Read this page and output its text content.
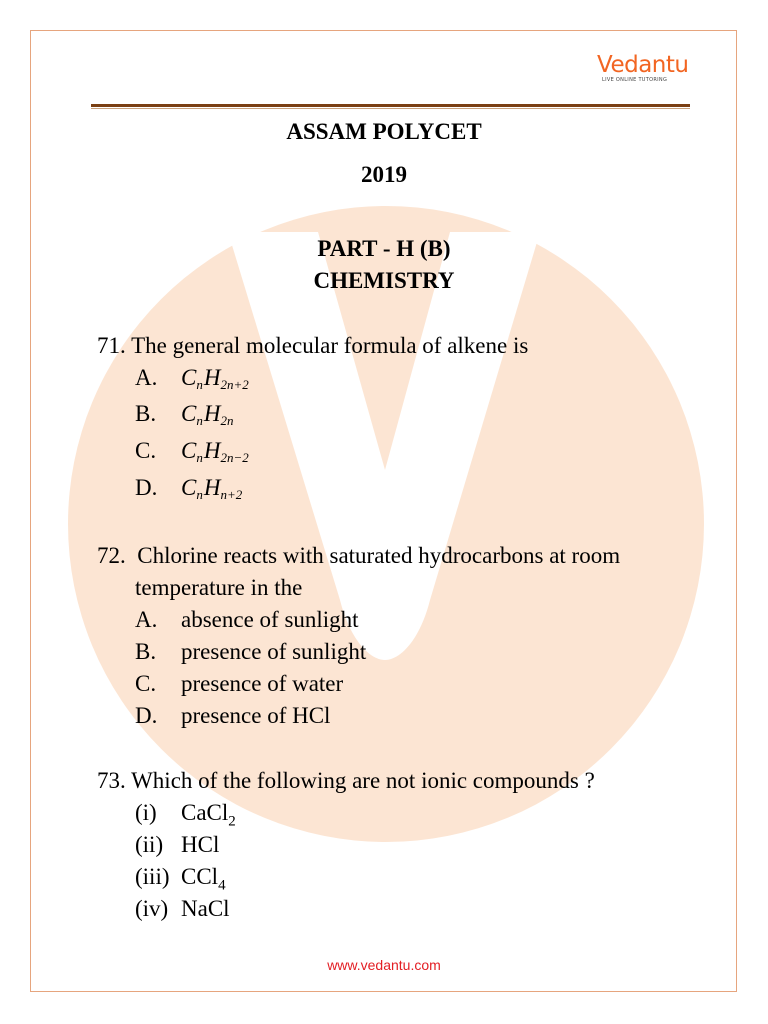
Vedantu
LIVE ONLINE TUTORING
ASSAM POLYCET
2019
PART - H (B)
CHEMISTRY
71. The general molecular formula of alkene is
A. $C_nH_{2n+2}$
B. $C_nH_{2n}$
C. $C_nH_{2n-2}$
D. $C_nH_{n+2}$
72. Chlorine reacts with saturated hydrocarbons at room
temperature in the
A. absence of sunlight
B. presence of sunlight
C. presence of water
D. presence of HCl
73. Which of the following are not ionic compounds ?
(i) CaCl$_2$
(ii) HCl
(iii) CCl$_4$
(iv) NaCl
www.vedantu.com
